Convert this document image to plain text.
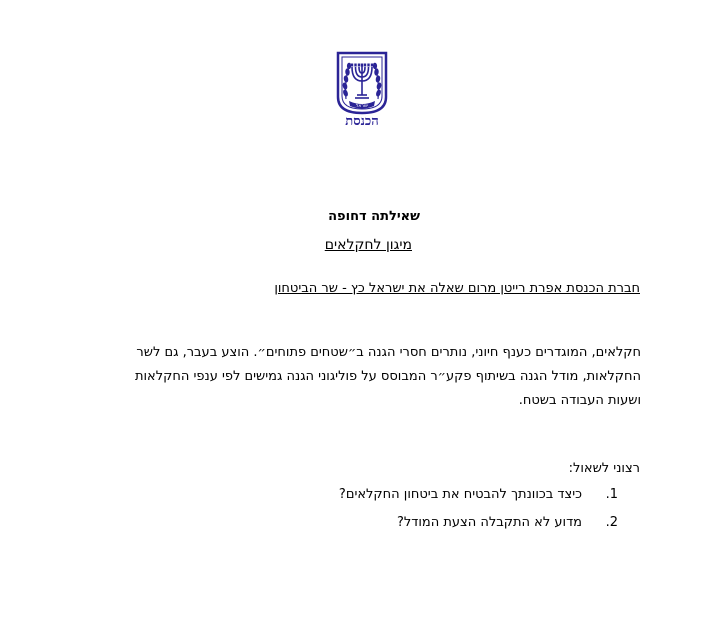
ישראל
הכנסת
שאילתה דחופה
מיגון לחקלאים
חברת הכנסת אפרת רייטן מרום שאלה את ישראל כץ - שר הביטחון
חקלאים, המוגדרים כענף חיוני, נותרים חסרי הגנה ב״שטחים פתוחים״. הוצע בעבר, גם לשר החקלאות, מודל הגנה בשיתוף פקע״ר המבוסס על פוליגוני הגנה גמישים לפי ענפי החקלאות ושעות העבודה בשטח.
רצוני לשאול:
1.
כיצד בכוונתך להבטיח את ביטחון החקלאים?
2.
מדוע לא התקבלה הצעת המודל?
